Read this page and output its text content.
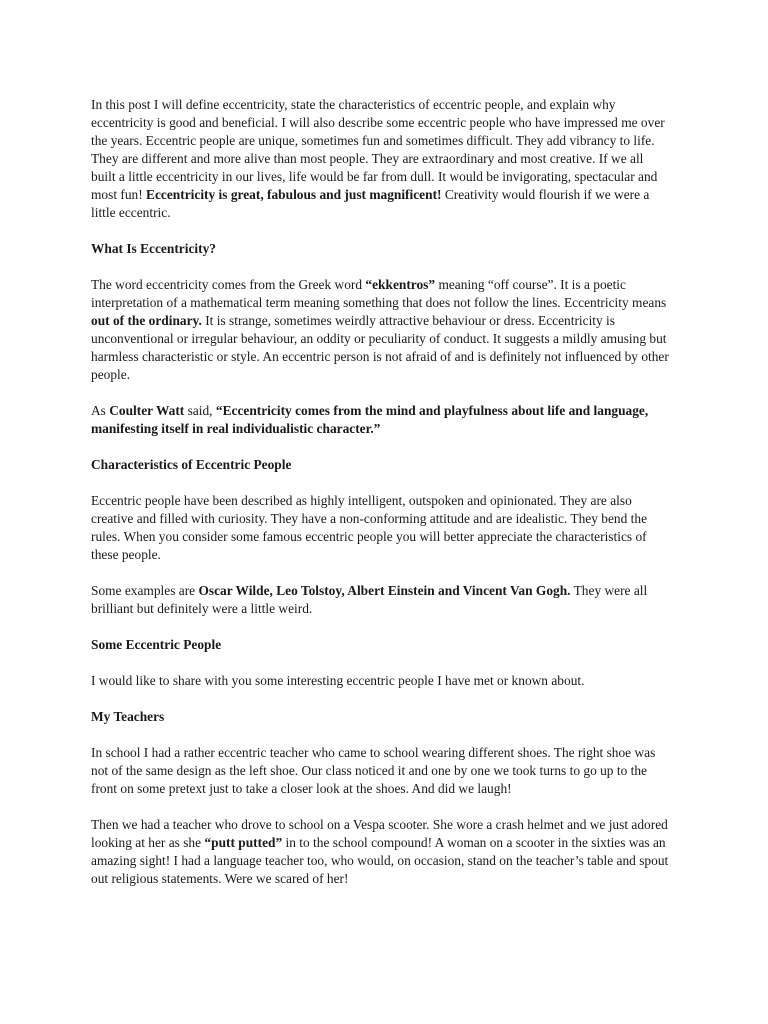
In this post I will define eccentricity, state the characteristics of eccentric people, and explain why eccentricity is good and beneficial. I will also describe some eccentric people who have impressed me over the years. Eccentric people are unique, sometimes fun and sometimes difficult. They add vibrancy to life. They are different and more alive than most people. They are extraordinary and most creative. If we all built a little eccentricity in our lives, life would be far from dull. It would be invigorating, spectacular and most fun! Eccentricity is great, fabulous and just magnificent! Creativity would flourish if we were a little eccentric.

What Is Eccentricity?

The word eccentricity comes from the Greek word “ekkentros” meaning “off course”. It is a poetic interpretation of a mathematical term meaning something that does not follow the lines. Eccentricity means out of the ordinary. It is strange, sometimes weirdly attractive behaviour or dress. Eccentricity is unconventional or irregular behaviour, an oddity or peculiarity of conduct. It suggests a mildly amusing but harmless characteristic or style. An eccentric person is not afraid of and is definitely not influenced by other people.

As Coulter Watt said, “Eccentricity comes from the mind and playfulness about life and language, manifesting itself in real individualistic character.”

Characteristics of Eccentric People

Eccentric people have been described as highly intelligent, outspoken and opinionated. They are also creative and filled with curiosity. They have a non-conforming attitude and are idealistic. They bend the rules. When you consider some famous eccentric people you will better appreciate the characteristics of these people.

Some examples are Oscar Wilde, Leo Tolstoy, Albert Einstein and Vincent Van Gogh. They were all brilliant but definitely were a little weird.

Some Eccentric People

I would like to share with you some interesting eccentric people I have met or known about.

My Teachers

In school I had a rather eccentric teacher who came to school wearing different shoes. The right shoe was not of the same design as the left shoe. Our class noticed it and one by one we took turns to go up to the front on some pretext just to take a closer look at the shoes. And did we laugh!

Then we had a teacher who drove to school on a Vespa scooter. She wore a crash helmet and we just adored looking at her as she “putt putted” in to the school compound! A woman on a scooter in the sixties was an amazing sight! I had a language teacher too, who would, on occasion, stand on the teacher’s table and spout out religious statements. Were we scared of her!
